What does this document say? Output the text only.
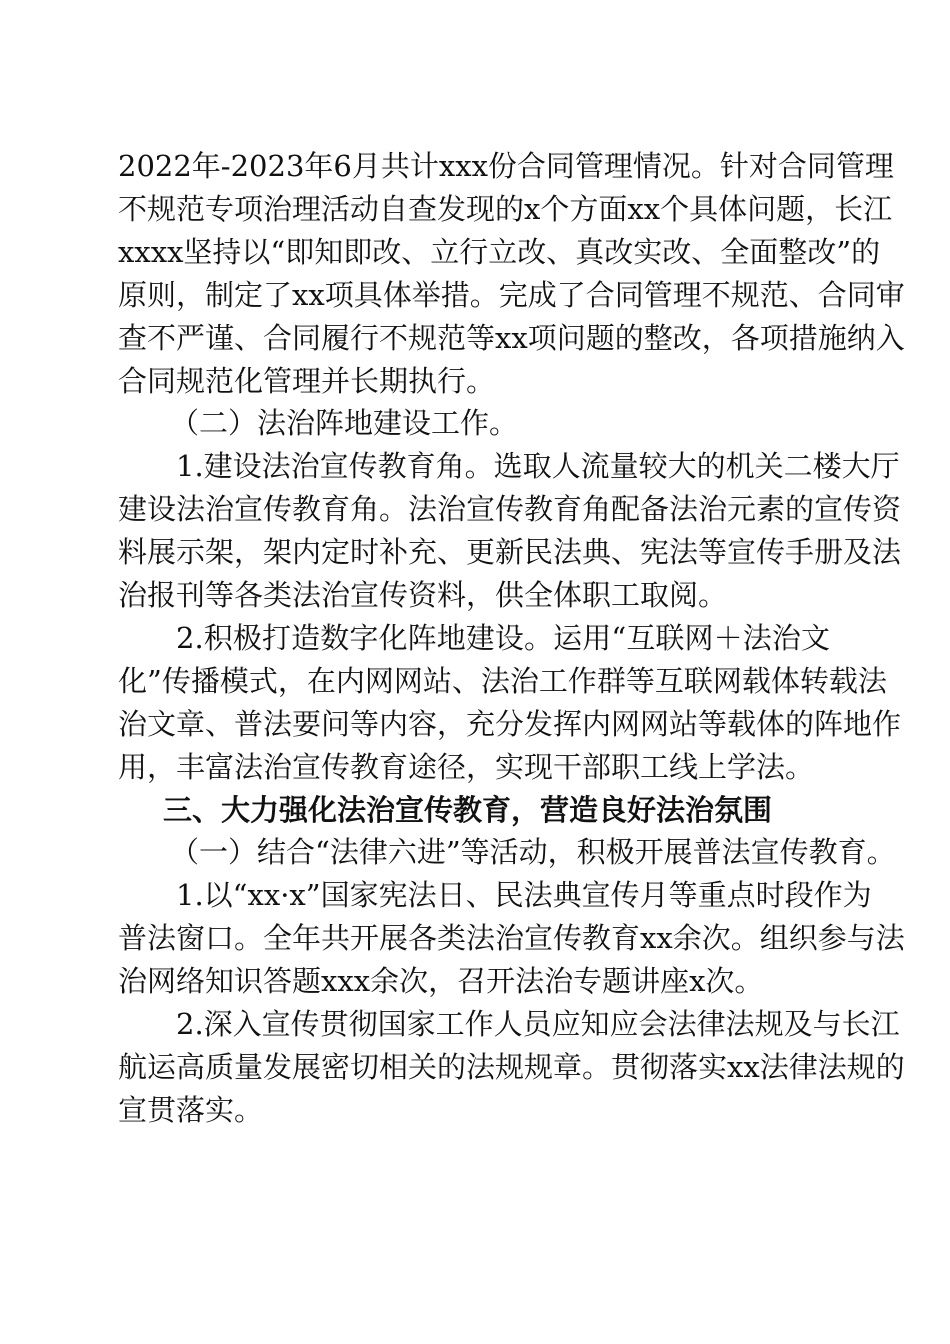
2022年-2023年6月共计xxx份合同管理情况。针对合同管理
不规范专项治理活动自查发现的x个方面xx个具体问题，长江
xxxx坚持以“即知即改、立行立改、真改实改、全面整改”的
原则，制定了xx项具体举措。完成了合同管理不规范、合同审
查不严谨、合同履行不规范等xx项问题的整改，各项措施纳入
合同规范化管理并长期执行。
（二）法治阵地建设工作。
1.建设法治宣传教育角。选取人流量较大的机关二楼大厅
建设法治宣传教育角。法治宣传教育角配备法治元素的宣传资
料展示架，架内定时补充、更新民法典、宪法等宣传手册及法
治报刊等各类法治宣传资料，供全体职工取阅。
2.积极打造数字化阵地建设。运用“互联网＋法治文
化”传播模式，在内网网站、法治工作群等互联网载体转载法
治文章、普法要问等内容，充分发挥内网网站等载体的阵地作
用，丰富法治宣传教育途径，实现干部职工线上学法。
三、大力强化法治宣传教育，营造良好法治氛围
（一）结合“法律六进”等活动，积极开展普法宣传教育。
1.以“xx·x”国家宪法日、民法典宣传月等重点时段作为
普法窗口。全年共开展各类法治宣传教育xx余次。组织参与法
治网络知识答题xxx余次，召开法治专题讲座x次。
2.深入宣传贯彻国家工作人员应知应会法律法规及与长江
航运高质量发展密切相关的法规规章。贯彻落实xx法律法规的
宣贯落实。
